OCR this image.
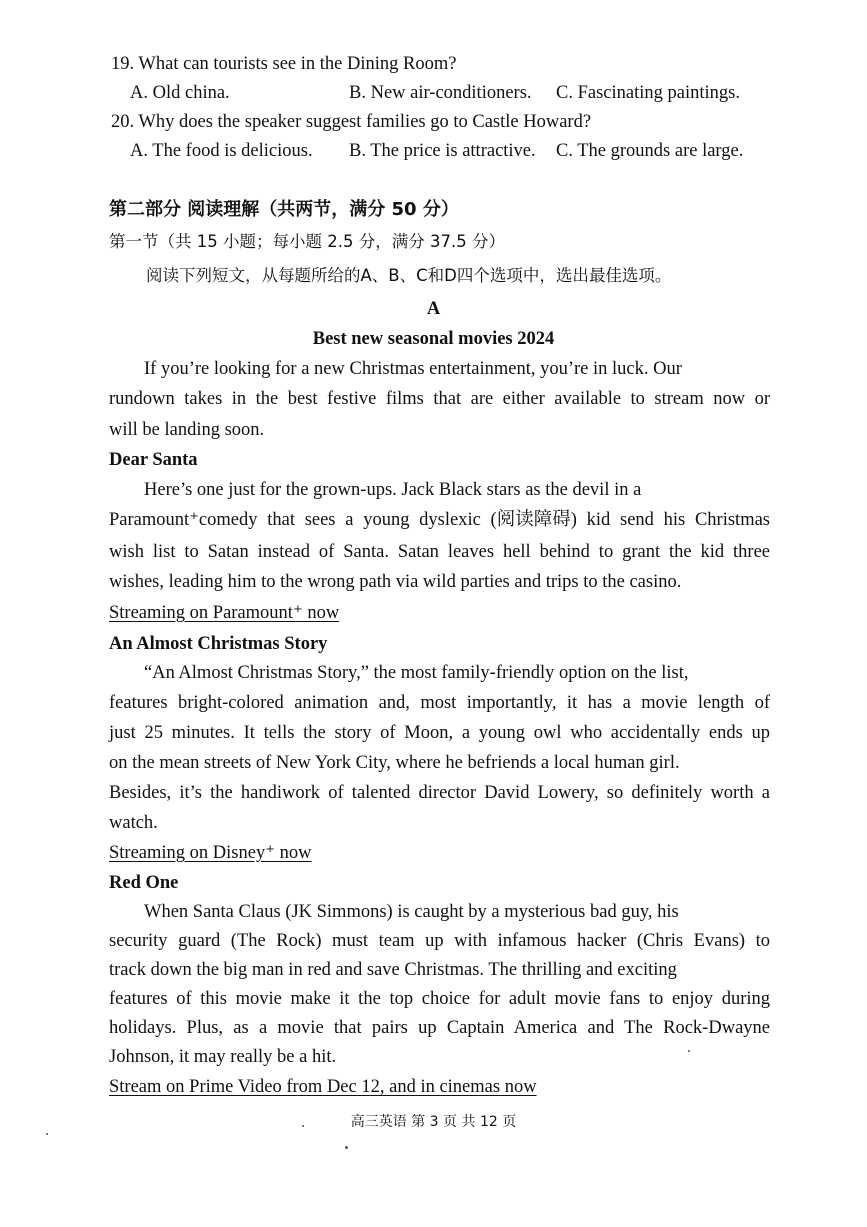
19. What can tourists see in the Dining Room?
A. Old china.	B. New air-conditioners. C. Fascinating paintings.
20. Why does the speaker suggest families go to Castle Howard?
A. The food is delicious. B. The price is attractive. C. The grounds are large.
第二部分 阅读理解（共两节，满分 50 分）
第一节（共 15 小题；每小题 2.5 分，满分 37.5 分）
阅读下列短文，从每题所给的A、B、C和D四个选项中，选出最佳选项。
A
Best new seasonal movies 2024
If you’re looking for a new Christmas entertainment, you’re in luck. Our
rundown takes in the best festive films that are either available to stream now or
will be landing soon.
Dear Santa
Here’s one just for the grown-ups. Jack Black stars as the devil in a
Paramount⁺comedy that sees a young dyslexic (阅读障碍) kid send his Christmas
wish list to Satan instead of Santa. Satan leaves hell behind to grant the kid three
wishes, leading him to the wrong path via wild parties and trips to the casino.
Streaming on Paramount⁺ now
An Almost Christmas Story
“An Almost Christmas Story,” the most family-friendly option on the list,
features bright-colored animation and, most importantly, it has a movie length of
just 25 minutes. It tells the story of Moon, a young owl who accidentally ends up
on the mean streets of New York City, where he befriends a local human girl.
Besides, it’s the handiwork of talented director David Lowery, so definitely worth a
watch.
Streaming on Disney⁺ now
Red One
When Santa Claus (JK Simmons) is caught by a mysterious bad guy, his
security guard (The Rock) must team up with infamous hacker (Chris Evans) to
track down the big man in red and save Christmas. The thrilling and exciting
features of this movie make it the top choice for adult movie fans to enjoy during
holidays. Plus, as a movie that pairs up Captain America and The Rock-Dwayne
Johnson, it may really be a hit.
Stream on Prime Video from Dec 12, and in cinemas now
高三英语 第 3 页 共 12 页
